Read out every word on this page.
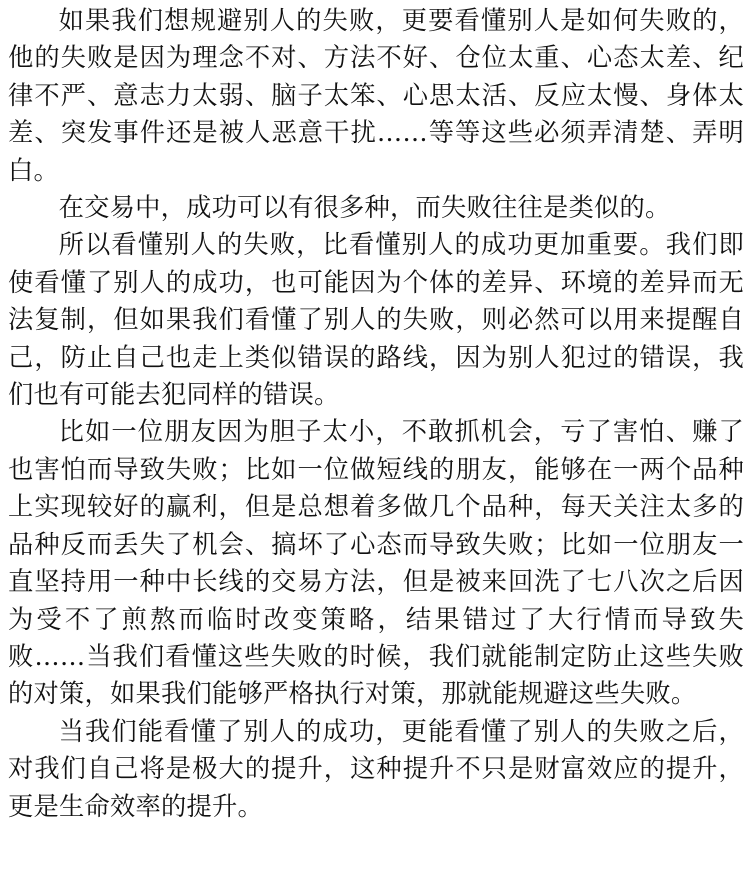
如果我们想规避别人的失败，更要看懂别人是如何失败的，他的失败是因为理念不对、方法不好、仓位太重、心态太差、纪律不严、意志力太弱、脑子太笨、心思太活、反应太慢、身体太差、突发事件还是被人恶意干扰……等等这些必须弄清楚、弄明白。

在交易中，成功可以有很多种，而失败往往是类似的。

所以看懂别人的失败，比看懂别人的成功更加重要。我们即使看懂了别人的成功，也可能因为个体的差异、环境的差异而无法复制，但如果我们看懂了别人的失败，则必然可以用来提醒自己，防止自己也走上类似错误的路线，因为别人犯过的错误，我们也有可能去犯同样的错误。

比如一位朋友因为胆子太小，不敢抓机会，亏了害怕、赚了也害怕而导致失败；比如一位做短线的朋友，能够在一两个品种上实现较好的赢利，但是总想着多做几个品种，每天关注太多的品种反而丢失了机会、搞坏了心态而导致失败；比如一位朋友一直坚持用一种中长线的交易方法，但是被来回洗了七八次之后因为受不了煎熬而临时改变策略，结果错过了大行情而导致失败……当我们看懂这些失败的时候，我们就能制定防止这些失败的对策，如果我们能够严格执行对策，那就能规避这些失败。

当我们能看懂了别人的成功，更能看懂了别人的失败之后，对我们自己将是极大的提升，这种提升不只是财富效应的提升，更是生命效率的提升。
